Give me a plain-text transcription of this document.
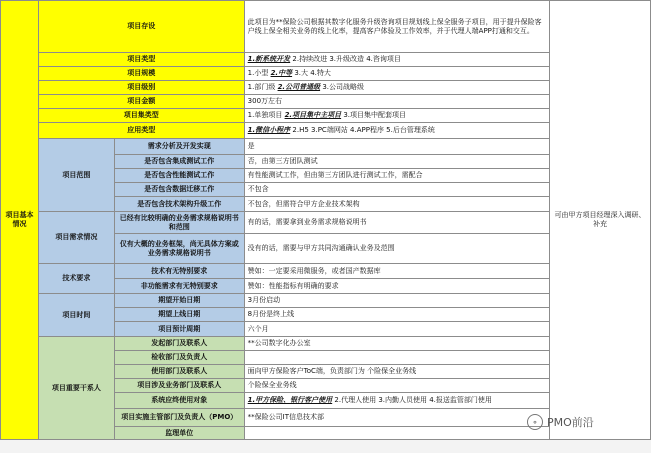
项目基本情况	项目存设		此项目为**保险公司根据其数字化服务升级咨询项目规划线上保全服务子项目，用于提升保险客户线上保全相关业务的线上化率，提高客户体验及工作效率，并于代理人端APP打通和交互。	可由甲方项目经理深入调研、补充
	项目类型		1.新系统开发 2.持续改进 3.升级改造 4.咨询项目	
	项目规模		1.小型 2.中等 3.大 4.特大	
	项目级别		1.部门级 2.公司普通级 3.公司战略级	
	项目金额		300万左右	
	项目集类型		1.单独项目 2.项目集中主项目 3.项目集中配套项目	
	应用类型		1.微信小程序 2.H5 3.PC端网站 4.APP程序 5.后台管理系统	
	项目范围	需求分析及开发实现	是	
		是否包含集成测试工作	否，由第三方团队测试	
		是否包含性能测试工作	有性能测试工作，但由第三方团队进行测试工作，需配合	
		是否包含数据迁移工作	不包含	
		是否包含技术架构升级工作	不包含，但需符合甲方企业技术架构	
	项目需求情况	已经有比较明确的业务需求规格说明书和范围	有的话，需要拿到业务需求规格说明书	
		仅有大概的业务框架，尚无具体方案或业务需求规格说明书	没有的话，需要与甲方共同沟通确认业务及范围	
	技术要求	技术有无特别要求	赞如：一定要采用微服务，或者国产数据库	
		非功能需求有无特别要求	赞如：性能指标有明确的要求	
	项目时间	期望开始日期	3月份启动	
		期望上线日期	8月份是终上线	
		项目预计周期	六个月	
	项目重要干系人	发起部门及联系人	**公司数字化办公室	
		检收部门及负责人		
		使用部门及联系人	面向甲方保险客户ToC端，负责部门为 个险保全业务线	
		项目涉及业务部门及联系人	个险保全业务线	
		系统应终使用对象	1.甲方保险、银行客户使用 2.代理人使用 3.内勤人员使用 4.报送监管部门使用	
		项目实施主管部门及负责人（PMO）	**保险公司IT信息技术部	
		监理单位		
⚬ PMO前沿
